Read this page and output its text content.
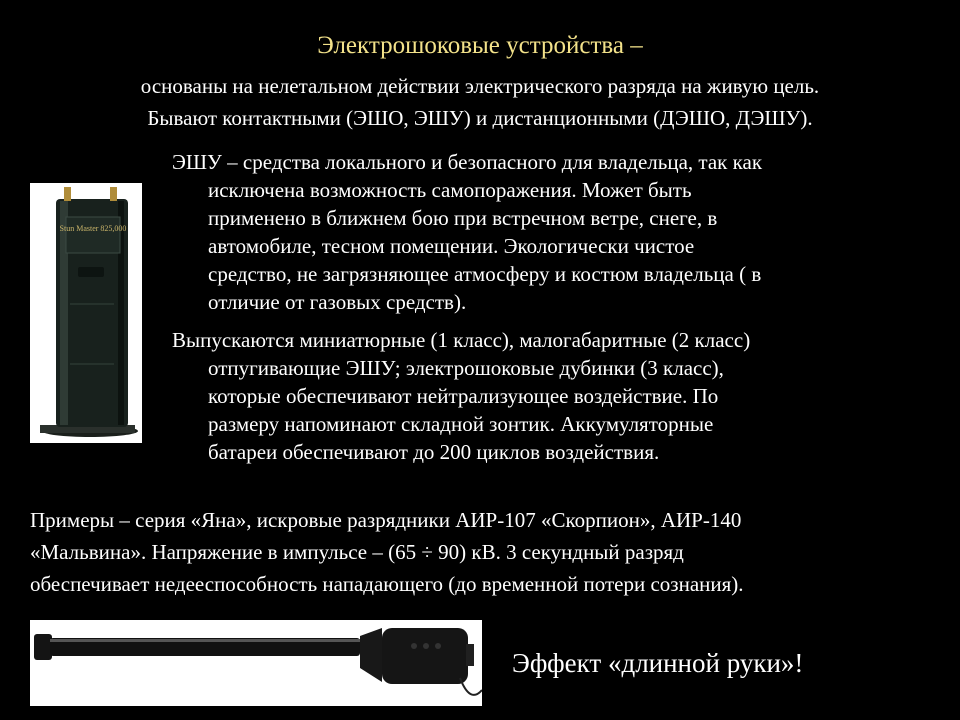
Электрошоковые устройства –
основаны на нелетальном действии электрического разряда на живую цель.
Бывают контактными (ЭШО, ЭШУ) и дистанционными (ДЭШО, ДЭШУ).
Stun Master 825,000
ЭШУ – средства локального и безопасного для владельца, так как
исключена возможность самопоражения. Может быть
применено в ближнем бою при встречном ветре, снеге, в
автомобиле, тесном помещении. Экологически чистое
средство, не загрязняющее атмосферу и костюм владельца ( в
отличие от газовых средств).
Выпускаются миниатюрные (1 класс), малогабаритные (2 класс)
отпугивающие ЭШУ; электрошоковые дубинки (3 класс),
которые обеспечивают нейтрализующее воздействие. По
размеру напоминают складной зонтик. Аккумуляторные
батареи обеспечивают до 200 циклов воздействия.
Примеры – серия «Яна», искровые разрядники АИР-107 «Скорпион», АИР-140
«Мальвина». Напряжение в импульсе – (65 ÷ 90) кВ. 3 секундный разряд
обеспечивает недееспособность нападающего (до временной потери сознания).
Эффект «длинной руки»!
